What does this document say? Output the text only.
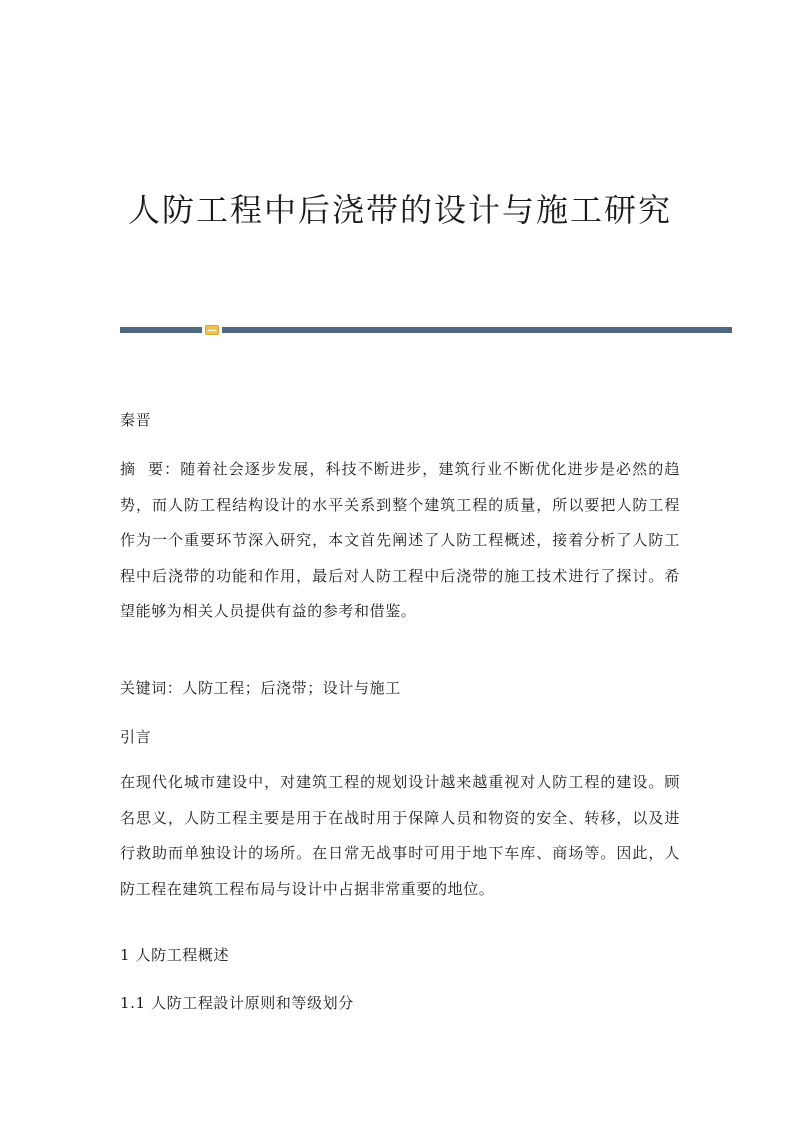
人防工程中后浇带的设计与施工研究

秦晋

摘  要：随着社会逐步发展，科技不断进步，建筑行业不断优化进步是必然的趋势，而人防工程结构设计的水平关系到整个建筑工程的质量，所以要把人防工程作为一个重要环节深入研究，本文首先阐述了人防工程概述，接着分析了人防工程中后浇带的功能和作用，最后对人防工程中后浇带的施工技术进行了探讨。希望能够为相关人员提供有益的参考和借鉴。

关键词：人防工程；后浇带；设计与施工

引言

在现代化城市建设中，对建筑工程的规划设计越来越重视对人防工程的建设。顾名思义，人防工程主要是用于在战时用于保障人员和物资的安全、转移，以及进行救助而单独设计的场所。在日常无战事时可用于地下车库、商场等。因此，人防工程在建筑工程布局与设计中占据非常重要的地位。

1 人防工程概述

1.1 人防工程設计原则和等级划分
